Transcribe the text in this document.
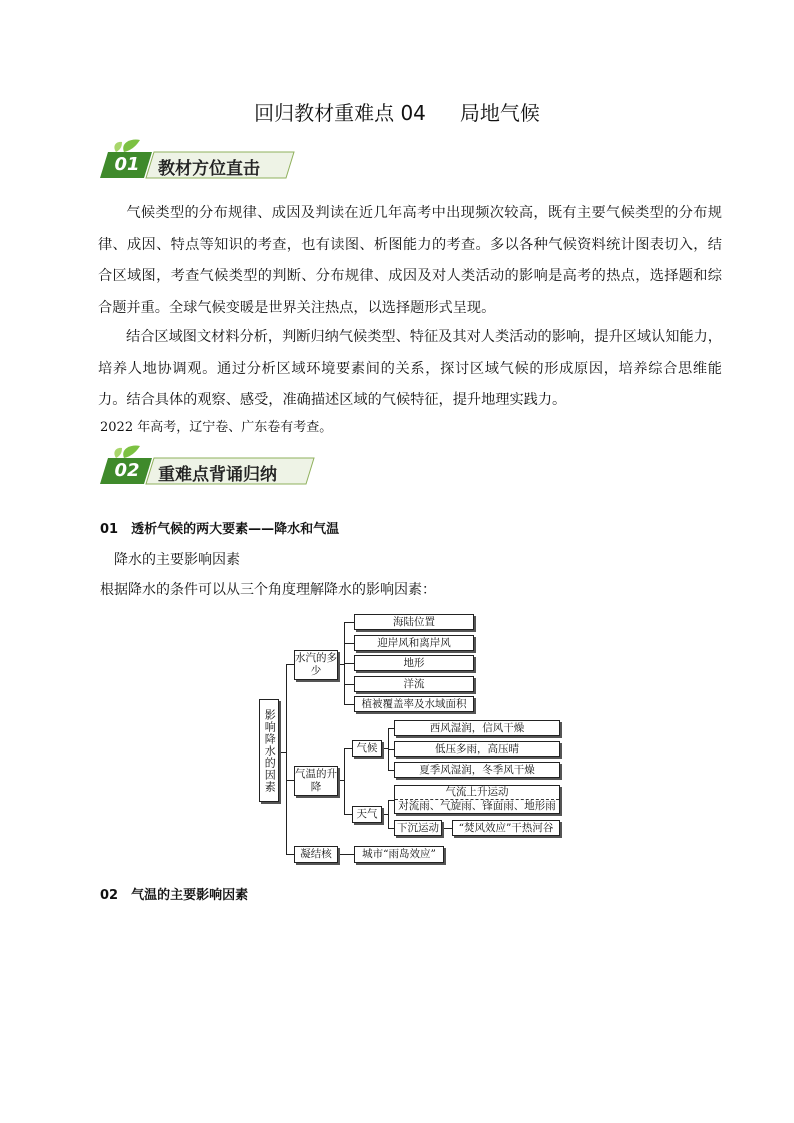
回归教材重难点 04 局地气候
01	教材方位直击
气候类型的分布规律、成因及判读在近几年高考中出现频次较高，既有主要气候类型的分布规律、成因、特点等知识的考查，也有读图、析图能力的考查。多以各种气候资料统计图表切入，结合区域图，考查气候类型的判断、分布规律、成因及对人类活动的影响是高考的热点，选择题和综合题并重。全球气候变暖是世界关注热点，以选择题形式呈现。
结合区域图文材料分析，判断归纳气候类型、特征及其对人类活动的影响，提升区域认知能力，培养人地协调观。通过分析区域环境要素间的关系，探讨区域气候的形成原因，培养综合思维能力。结合具体的观察、感受，准确描述区域的气候特征，提升地理实践力。
2022 年高考，辽宁卷、广东卷有考查。
02	重难点背诵归纳
01　透析气候的两大要素——降水和气温
降水的主要影响因素
根据降水的条件可以从三个角度理解降水的影响因素：
影响降水的因素
水汽的多少
海陆位置
迎岸风和离岸风
地形
洋流
植被覆盖率及水域面积
气温的升降
气候
西风湿润，信风干燥
低压多雨，高压晴
夏季风湿润，冬季风干燥
天气
气流上升运动
对流雨、气旋雨、锋面雨、地形雨
下沉运动	“焚风效应”干热河谷
凝结核	城市“雨岛效应”
02　气温的主要影响因素
